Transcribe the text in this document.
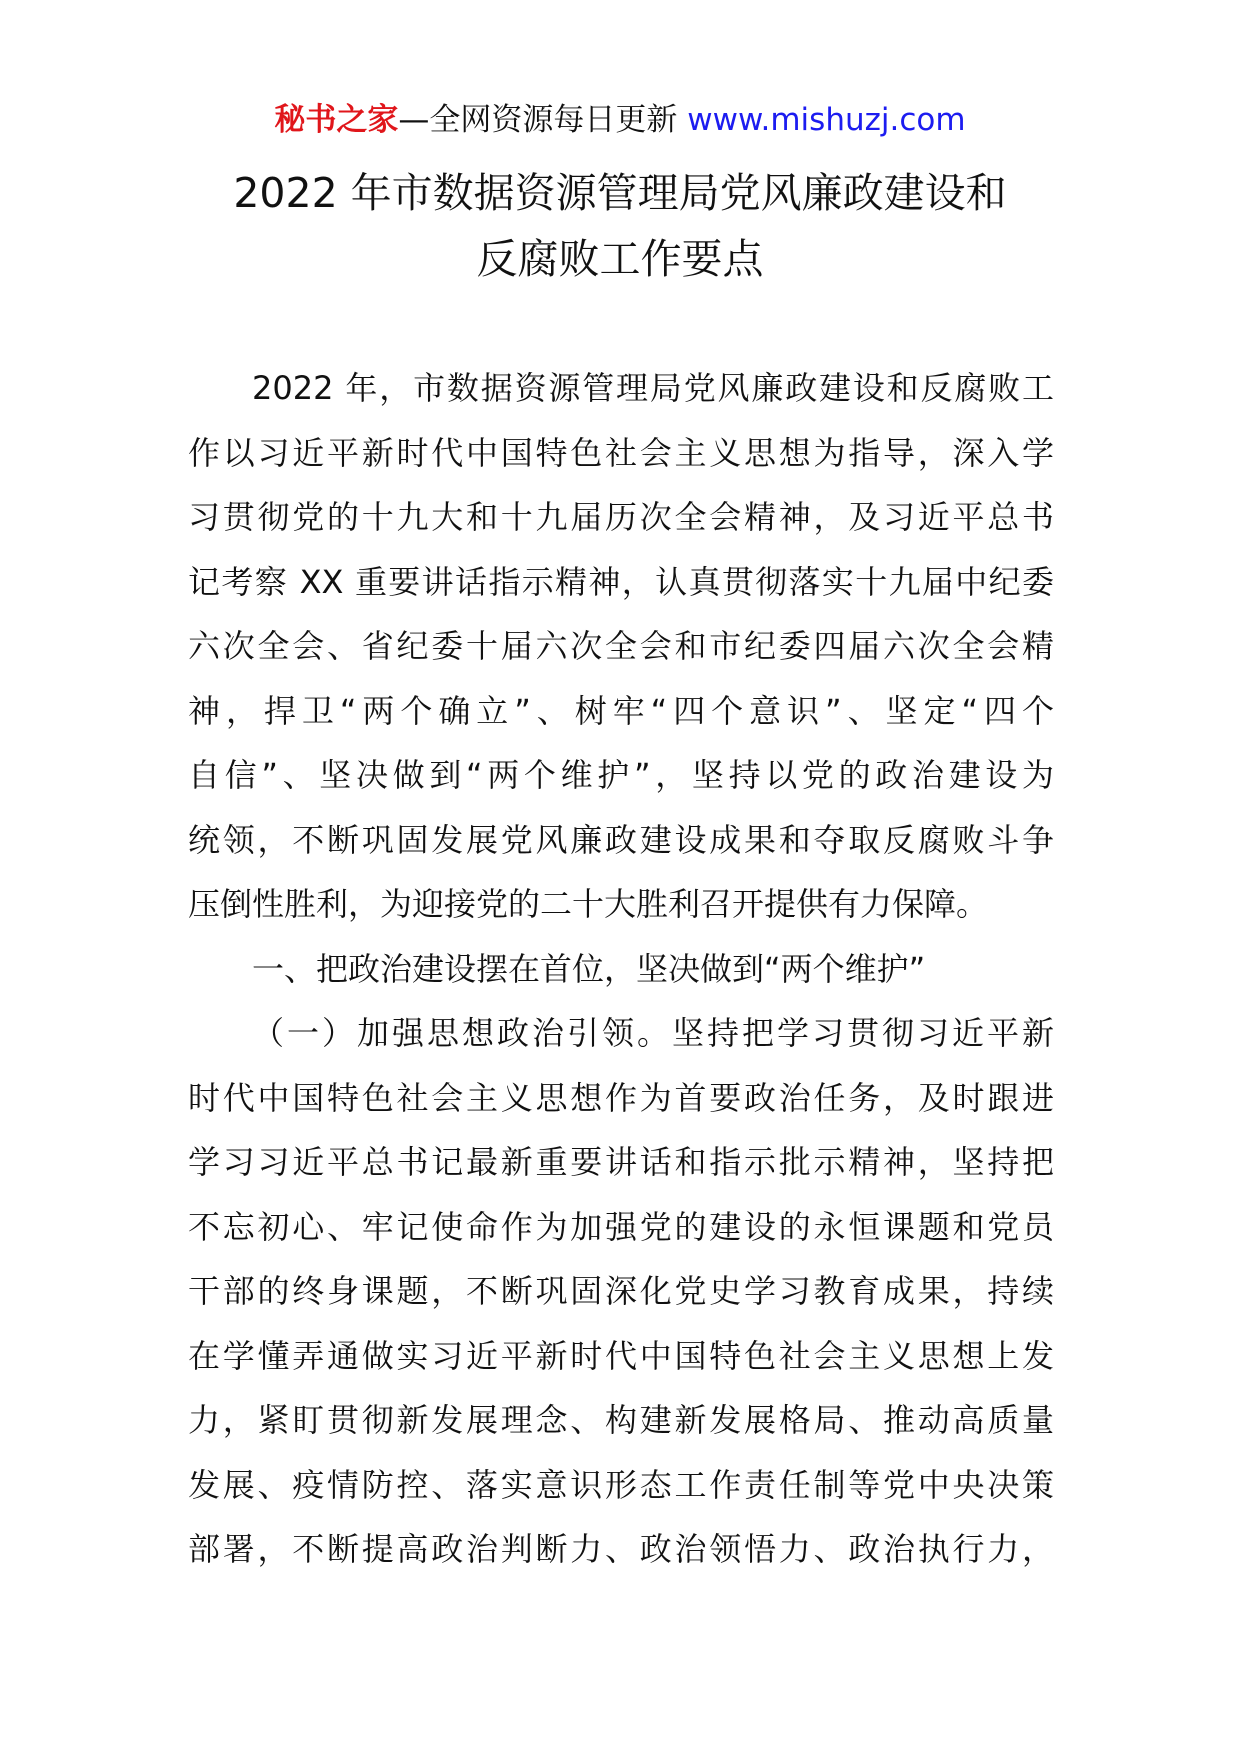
秘书之家—全网资源每日更新 www.mishuzj.com
2022 年市数据资源管理局党风廉政建设和
反腐败工作要点
2022 年，市数据资源管理局党风廉政建设和反腐败工
作以习近平新时代中国特色社会主义思想为指导，深入学
习贯彻党的十九大和十九届历次全会精神，及习近平总书
记考察 XX 重要讲话指示精神，认真贯彻落实十九届中纪委
六次全会、省纪委十届六次全会和市纪委四届六次全会精
神，捍卫“两个确立”、树牢“四个意识”、坚定“四个
自信”、坚决做到“两个维护”，坚持以党的政治建设为
统领，不断巩固发展党风廉政建设成果和夺取反腐败斗争
压倒性胜利，为迎接党的二十大胜利召开提供有力保障。
一、把政治建设摆在首位，坚决做到“两个维护”
（一）加强思想政治引领。坚持把学习贯彻习近平新
时代中国特色社会主义思想作为首要政治任务，及时跟进
学习习近平总书记最新重要讲话和指示批示精神，坚持把
不忘初心、牢记使命作为加强党的建设的永恒课题和党员
干部的终身课题，不断巩固深化党史学习教育成果，持续
在学懂弄通做实习近平新时代中国特色社会主义思想上发
力，紧盯贯彻新发展理念、构建新发展格局、推动高质量
发展、疫情防控、落实意识形态工作责任制等党中央决策
部署，不断提高政治判断力、政治领悟力、政治执行力，
